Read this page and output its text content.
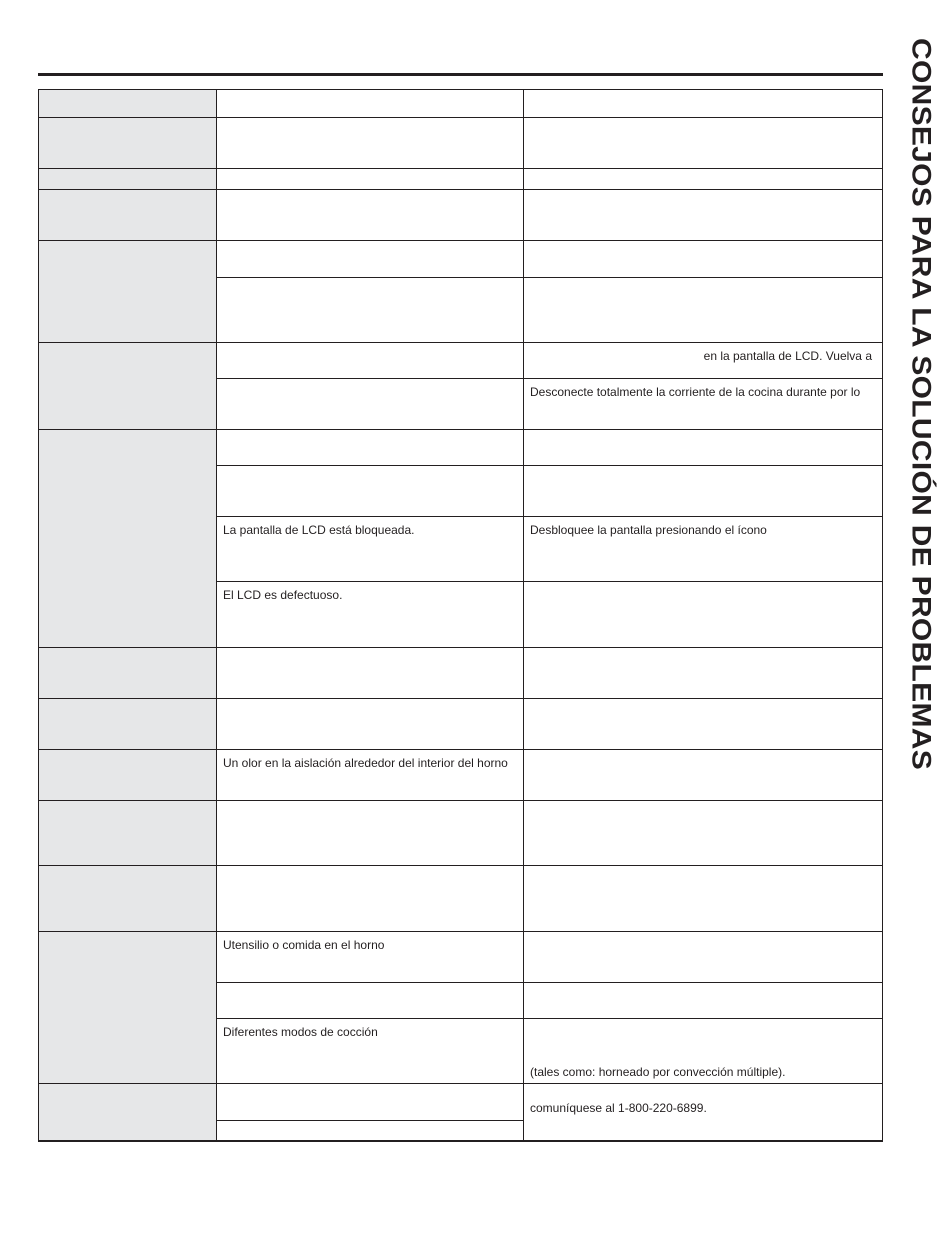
CONSEJOS PARA LA SOLUCIÓN DE PROBLEMAS
en la pantalla de LCD. Vuelva a
Desconecte totalmente la corriente de la cocina durante por lo
La pantalla de LCD está bloqueada.	Desbloquee la pantalla presionando el ícono
El LCD es defectuoso.
Un olor en la aislación alrededor del interior del horno
Utensilio o comida en el horno
Diferentes modos de cocción
(tales como: horneado por convección múltiple).
comuníquese al 1-800-220-6899.
